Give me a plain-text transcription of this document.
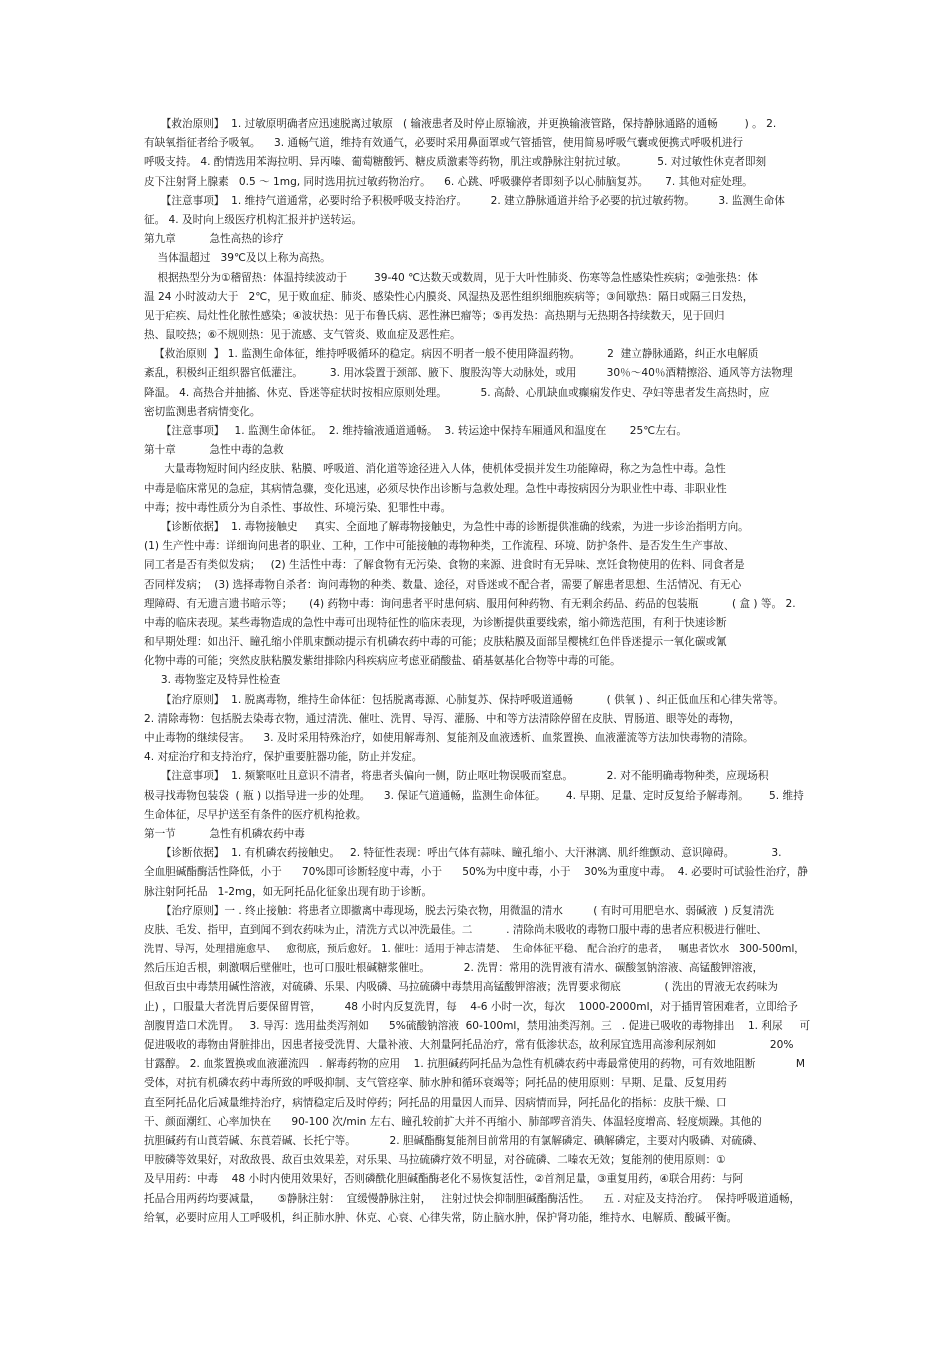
【救治原则】  1. 过敏原明确者应迅速脱离过敏原   ( 输液患者及时停止原输液，并更换输液管路，保持静脉通路的通畅        ) 。 2.
有缺氧指征者给予吸氧。    3. 通畅气道，维持有效通气，必要时采用鼻面罩或气管插管，使用简易呼吸气囊或便携式呼吸机进行
呼吸支持。 4. 酌情选用苯海拉明、异丙嗪、葡萄糖酸钙、糖皮质激素等药物，肌注或静脉注射抗过敏。         5. 对过敏性休克者即刻
皮下注射肾上腺素   0.5 ～ 1mg, 同时选用抗过敏药物治疗。    6. 心跳、呼吸骤停者即刻予以心肺脑复苏。     7. 其他对症处理。
【注意事项】  1. 维持气道通常，必要时给予积极呼吸支持治疗。       2. 建立静脉通道并给予必要的抗过敏药物。       3. 监测生命体
征。 4. 及时向上级医疗机构汇报并护送转运。
第九章          急性高热的诊疗
当体温超过   39℃及以上称为高热。
根据热型分为①稽留热：体温持续波动于        39-40 ℃达数天或数周，见于大叶性肺炎、伤寒等急性感染性疾病；②弛张热：体
温 24 小时波动大于   2℃，见于败血症、肺炎、感染性心内膜炎、风湿热及恶性组织细胞疾病等；③间歇热：隔日或隔三日发热，
见于疟疾、局灶性化脓性感染；④波状热：见于布鲁氏病、恶性淋巴瘤等；⑤再发热：高热期与无热期各持续数天，见于回归
热、鼠咬热；⑥不规则热：见于流感、支气管炎、败血症及恶性疟。
【救治原则  】 1. 监测生命体征，维持呼吸循环的稳定。病因不明者一般不使用降温药物。        2  建立静脉通路，纠正水电解质
紊乱，积极纠正组织器官低灌注。        3. 用冰袋置于颈部、腋下、腹股沟等大动脉处，或用         30％～40％酒精擦浴、通风等方法物理
降温。 4. 高热合并抽搐、休克、昏迷等症状时按相应原则处理。          5. 高龄、心肌缺血或癫痫发作史、孕妇等患者发生高热时，应
密切监测患者病情变化。
【注意事项】   1. 监测生命体征。  2. 维持输液通道通畅。  3. 转运途中保持车厢通风和温度在       25℃左右。
第十章          急性中毒的急救
大量毒物短时间内经皮肤、粘膜、呼吸道、消化道等途径进入人体，使机体受损并发生功能障碍，称之为急性中毒。急性
中毒是临床常见的急症，其病情急骤，变化迅速，必须尽快作出诊断与急救处理。急性中毒按病因分为职业性中毒、非职业性
中毒；按中毒性质分为自杀性、事故性、环境污染、犯罪性中毒。
【诊断依据】  1. 毒物接触史     真实、全面地了解毒物接触史，为急性中毒的诊断提供准确的线索，为进一步诊治指明方向。
(1) 生产性中毒：详细询问患者的职业、工种，工作中可能接触的毒物种类，工作流程、环境、防护条件、是否发生生产事故、
同工者是否有类似发病；   (2) 生活性中毒：了解食物有无污染、食物的来源、进食时有无异味、烹饪食物使用的佐料、同食者是
否同样发病；  (3) 选择毒物自杀者：询问毒物的种类、数量、途径，对昏迷或不配合者，需要了解患者思想、生活情况、有无心
理障碍、有无遗言遗书暗示等；     (4) 药物中毒：询问患者平时患何病、服用何种药物、有无剩余药品、药品的包装瓶          ( 盒 ) 等。 2.
中毒的临床表现。某些毒物造成的急性中毒可出现特征性的临床表现，为诊断提供重要线索，缩小筛选范围，有利于快速诊断
和早期处理：如出汗、瞳孔缩小伴肌束颤动提示有机磷农药中毒的可能；皮肤粘膜及面部呈樱桃红色伴昏迷提示一氧化碳或氰
化物中毒的可能；突然皮肤粘膜发紫绀排除内科疾病应考虑亚硝酸盐、硝基氨基化合物等中毒的可能。
3. 毒物鉴定及特异性检查
【治疗原则】  1. 脱离毒物，维持生命体征：包括脱离毒源、心肺复苏、保持呼吸道通畅          ( 供氧 ) 、纠正低血压和心律失常等。
2. 清除毒物：包括脱去染毒衣物，通过清洗、催吐、洗胃、导泻、灌肠、中和等方法清除停留在皮肤、胃肠道、眼等处的毒物，
中止毒物的继续侵害。    3. 及时采用特殊治疗，如使用解毒剂、复能剂及血液透析、血浆置换、血液灌流等方法加快毒物的清除。
4. 对症治疗和支持治疗，保护重要脏器功能，防止并发症。
【注意事项】  1. 频繁呕吐且意识不清者，将患者头偏向一侧，防止呕吐物误吸而窒息。          2. 对不能明确毒物种类，应现场积
极寻找毒物包装袋  ( 瓶 ) 以指导进一步的处理。    3. 保证气道通畅，监测生命体征。      4. 早期、足量、定时反复给予解毒剂。      5. 维持
生命体征，尽早护送至有条件的医疗机构抢救。
第一节          急性有机磷农药中毒
【诊断依据】  1. 有机磷农药接触史。   2. 特征性表现：呼出气体有蒜味、瞳孔缩小、大汗淋漓、肌纤维颤动、意识障碍。           3.
全血胆碱酯酶活性降低，小于      70%即可诊断轻度中毒，小于      50%为中度中毒，小于    30%为重度中毒。  4. 必要时可试验性治疗，静
脉注射阿托品   1-2mg，如无阿托品化征象出现有助于诊断。
【治疗原则】一 . 终止接触：将患者立即撤离中毒现场，脱去污染衣物，用微温的清水         ( 有时可用肥皂水、弱碱液  ) 反复清洗
皮肤、毛发、指甲，直到闻不到农药味为止，清洗方式以冲洗最佳。二          . 清除尚未吸收的毒物口服中毒的患者应积极进行催吐、
洗胃、导泻，处理措施愈早、   愈彻底，预后愈好。 1. 催吐：适用于神志清楚、  生命体征平稳、 配合治疗的患者，   嘱患者饮水   300-500ml，
然后压迫舌根，刺激咽后壁催吐，也可口服吐根碱糖浆催吐。          2. 洗胃：常用的洗胃液有清水、碳酸氢钠溶液、高锰酸钾溶液，
但敌百虫中毒禁用碱性溶液，对硫磷、乐果、内吸磷、马拉硫磷中毒禁用高锰酸钾溶液；洗胃要求彻底             ( 洗出的胃液无农药味为
止) ，口服量大者洗胃后要保留胃管，       48 小时内反复洗胃，每    4-6 小时一次，每次    1000-2000ml，对于插胃管困难者，立即给予
剖腹胃造口术洗胃。   3. 导泻：选用盐类泻剂如      5%硫酸钠溶液  60-100ml，禁用油类泻剂。三   . 促进已吸收的毒物排出    1. 利尿     可
促进吸收的毒物由肾脏排出，因患者接受洗胃、大量补液、大剂量阿托品治疗，常有低渗状态，故利尿宜选用高渗利尿剂如                20%
甘露醇。 2. 血浆置换或血液灌流四   . 解毒药物的应用    1. 抗胆碱药阿托品为急性有机磷农药中毒最常使用的药物，可有效地阻断            M
受体，对抗有机磷农药中毒所致的呼吸抑制、支气管痉挛、肺水肿和循环衰竭等；阿托品的使用原则：早期、足量、反复用药
直至阿托品化后减量维持治疗，病情稳定后及时停药；阿托品的用量因人而异、因病情而异，阿托品化的指标：皮肤干燥、口
干、颜面潮红、心率加快在      90-100 次/min 左右、瞳孔较前扩大并不再缩小、肺部啰音消失、体温轻度增高、轻度烦躁。其他的
抗胆碱药有山莨菪碱、东莨菪碱、长托宁等。          2. 胆碱酯酶复能剂目前常用的有氯解磷定、碘解磷定，主要对内吸磷、对硫磷、
甲胺磷等效果好，对敌敌畏、敌百虫效果差，对乐果、马拉硫磷疗效不明显，对谷硫磷、二嗪农无效；复能剂的使用原则：①
及早用药：中毒    48 小时内使用效果好，否则磷酰化胆碱酯酶老化不易恢复活性，②首剂足量，③重复用药，④联合用药：与阿
托品合用两药均要减量，     ⑤静脉注射：  宜缓慢静脉注射，   注射过快会抑制胆碱酯酶活性。    五 . 对症及支持治疗。  保持呼吸道通畅，
给氧，必要时应用人工呼吸机，纠正肺水肿、休克、心衰、心律失常，防止脑水肿，保护肾功能，维持水、电解质、酸碱平衡。
